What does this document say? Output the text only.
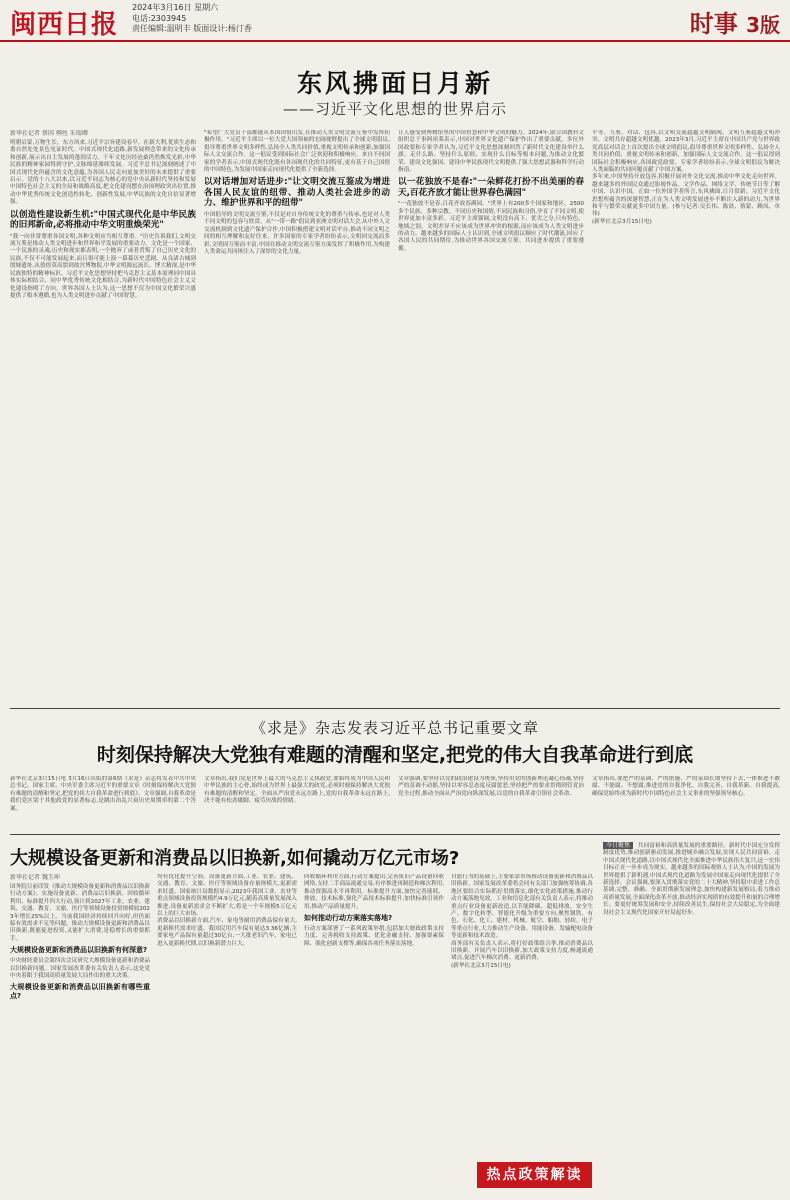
闽西日报
2024年3月16日 星期六
电话:2303945
责任编辑:温明丰 版面设计:杨汀香	时事 3版
东风拂面日月新
——习近平文化思想的世界启示
新华社记者 蔡国 柳丝 朱瑞卿

明朝启蒙,万物生长。东方风来,习近平宗旨建设春早。在新大利,优质生态和谐自然处处景色见证时代。中国式现代化道路,新发展理念带来的文化传承和创新,展示出自主发展的蓬勃活力。千年文化历经沧桑仍然焕发光彩,中华民族的精神家园得到守护,文脉绵延赓续发展。习近平总书记深刻阐述了中国式现代化所蕴含的文化意蕴,为各国人民走向更加美好的未来提供了重要启示。党的十八大以来,以习近平同志为核心的党中央从新时代坚持和发展中国特色社会主义的全局和战略高度,把文化建设摆在治国理政突出位置,推动中华优秀传统文化创造性转化、创新性发展,中华民族的文化自信显著增强。

以创造性建设新生机:"中国式现代化是中华民族的旧邦新命,必将推动中华文明重焕荣光"

"我一向非常尊重各国文明,各种文明应当相互尊重。"历史告诉我们,文明交流互鉴是推动人类文明进步和世界和平发展的重要动力。文化是一个国家、一个民族的灵魂,历史和现实都表明,一个抛弃了或者背叛了自己历史文化的民族,不仅不可能发展起来,而且很可能上演一幕幕历史悲剧。从良渚古城到殷墟遗址,从敦煌莫高窟到故宫博物院,中华文明源远流长、博大精深,是中华民族独特的精神标识。习近平文化思想坚持把马克思主义基本原理同中国具体实际相结合、同中华优秀传统文化相结合,为新时代中国特色社会主义文化建设指明了方向。世界各国人士认为,这一思想不仅为中国文化繁荣兴盛提供了根本遵循,也为人类文明进步贡献了中国智慧。

"希望广大党员干部都能从本国国情出发,在推动人类文明交流互鉴中发挥积极作用。"习近平主席以一位大党大国领袖的宏阔视野提出了全球文明倡议,倡导尊重世界文明多样性,弘扬全人类共同价值,重视文明传承和创新,加强国际人文交流合作。这一倡议受到国际社会广泛欢迎和积极响应。来自不同国家的学者表示,中国式现代化既有各国现代化的共同特征,更有基于自己国情的中国特色,为发展中国家走向现代化提供了全新选择。

以对话增加对话进步:"让文明交流互鉴成为增进各国人民友谊的纽带、推动人类社会进步的动力、维护世界和平的纽带"

中国倡导的文明交流互鉴,不仅是对自身传统文化的尊重与传承,也是对人类不同文明的包容与欣赏。从"一带一路"倡议到亚洲文明对话大会,从中外人文交流机制到文化遗产保护合作,中国积极搭建文明对话平台,推动不同文明之间的相互理解和友好往来。许多国家的专家学者纷纷表示,文明因交流而多彩,文明因互鉴而丰富,中国在推动文明交流互鉴方面发挥了积极作用,为构建人类命运共同体注入了深厚的文化力量。

让人感受到博物馆里的中国智慧和中华文明的魅力。2024年,联合国教科文组织总干事阿祖莱表示,中国对世界文化遗产保护作出了重要贡献。多位外国政要和专家学者认为,习近平文化思想深刻回答了新时代文化建设举什么旗、走什么路、坚持什么原则、实现什么目标等根本问题,为推动文化繁荣、建设文化强国、建设中华民族现代文明提供了强大思想武器和科学行动指南。

以一花独放不是春:"一朵鲜花打扮不出美丽的春天,百花齐放才能让世界春色满园"

"一花独放不是春,百花齐放春满园。"世界上有200多个国家和地区、2500多个民族、多种宗教。不同历史和国情,不同民族和习俗,孕育了不同文明,使世界更加丰富多彩。习近平主席强调,文明没有高下、优劣之分,只有特色、地域之别。文明差异不应该成为世界冲突的根源,而应该成为人类文明进步的动力。越来越多的国际人士认识到,全球文明倡议顺应了时代潮流,回应了各国人民的共同期待,为推动世界各国交流互鉴、共同进步提供了重要遵循。

平等、互鉴、对话、包容,以文明交流超越文明隔阂、文明互鉴超越文明冲突、文明共存超越文明优越。2023年3月,习近平主席在中国共产党与世界政党高层对话会上首次提出全球文明倡议,倡导尊重世界文明多样性、弘扬全人类共同价值、重视文明传承和创新、加强国际人文交流合作。这一倡议得到国际社会积极响应,各国政党政要、专家学者纷纷表示,全球文明倡议为解决人类面临的共同问题贡献了中国方案。

多年来,中国坚持开放包容,积极开展对外文化交流,推动中华文化走向世界。越来越多的外国民众通过影视作品、文学作品、网络文学、传统节日等了解中国、认识中国。正如一位外国学者所言,东风拂面,日月常新。习近平文化思想所蕴含的深邃智慧,正在为人类文明发展进步不断注入新的动力,为世界和平与繁荣贡献更多中国力量。(参与记者:吴长伟、陈晨、蔡蒙、赖凤、章伟)

(新华社北京3月15日电)

《求是》杂志发表习近平总书记重要文章
时刻保持解决大党独有难题的清醒和坚定,把党的伟大自我革命进行到底

新华社北京3月15日电 3月16日出版的第6期《求是》杂志将发表中共中央总书记、国家主席、中央军委主席习近平的重要文章《时刻保持解决大党独有难题的清醒和坚定,把党的伟大自我革命进行到底》。文章强调,自我革命是我们党区别于其他政党的显著标志,是跳出治乱兴衰历史周期率的第二个答案。

文章指出,我们党是世界上最大的马克思主义执政党,要始终成为中国人民和中华民族的主心骨,始终成为世界上最强大的政党,必须时刻保持解决大党独有难题的清醒和坚定。全面从严治党永远在路上,党的自我革命永远在路上,决不能有松劲歇脚、疲劳厌战的情绪。

文章强调,要坚持以党的政治建设为统领,坚持用党的创新理论凝心铸魂,坚持严的基调不动摇,坚持以零容忍态度反腐惩恶,坚持把严的要求贯彻到管党治党全过程,推动全面从严治党向纵深发展,以党的自我革命引领社会革命。

文章指出,要把严的基调、严的措施、严的氛围长期坚持下去,一体推进不敢腐、不能腐、不想腐,推进党的自我净化、自我完善、自我革新、自我提高,确保党始终成为新时代中国特色社会主义事业的坚强领导核心。

大规模设备更新和消费品以旧换新,如何撬动万亿元市场?
新华社记者 魏玉坤

国务院日前印发《推动大规模设备更新和消费品以旧换新行动方案》。实施设备更新、消费品以旧换新、回收循环利用、标准提升四大行动,预计到2027年工业、农业、建筑、交通、教育、文旅、医疗等领域设备投资规模较2023年增长25%以上。当前我国经济持续回升向好,但仍面临有效需求不足等问题。推动大规模设备更新和消费品以旧换新,既能促进投资,又能扩大消费,是稳增长的重要抓手。

大规模设备更新和消费品以旧换新有何深意?

中央财经委员会第四次会议研究大规模设备更新和消费品以旧换新问题。国家发展改革委有关负责人表示,这是党中央着眼于我国高质量发展大局作出的重大决策。

大规模设备更新和消费品以旧换新有哪些重点?

均有优化提升空间。设备更新方面,工业、农业、建筑、交通、教育、文旅、医疗等领域设备存量规模大,更新需求旺盛。国家统计局数据显示,2023年我国工业、农业等重点领域设备投资规模约4.9万亿元,随着高质量发展深入推进,设备更新需求会不断扩大,将是一个年规模5万亿元以上的巨大市场。

消费品以旧换新方面,汽车、家电等耐用消费品保有量大,更新换代需求旺盛。我国民用汽车保有量达3.36亿辆,主要家电产品保有量超过30亿台,一大批老旧汽车、家电已进入更新换代期,以旧换新潜力巨大。

回收循环利用方面,行动方案提出,完善废旧产品设备回收网络,支持二手商品流通交易,有序推进再制造和梯次利用,推动资源高水平再利用。标准提升方面,加快完善能耗、排放、技术标准,强化产品技术标准提升,加快标准引领作用,推动产品质量提升。

如何推动行动方案落实落地?

行动方案部署了一系列政策举措,包括加大财政政策支持力度、完善税收支持政策、优化金融支持、加强要素保障、强化创新支撑等,确保各项任务落实落地。

自愿行为的基础上,主要依靠市场推动设备更新和消费品以旧换新。国家发展改革委将会同有关部门加强统筹协调,各地区要结合实际抓好贯彻落实,细化实化政策措施,推动行动方案落地见效。工业和信息化部有关负责人表示,将推动重点行业设备更新改造,以节能降碳、超低排放、安全生产、数字化转型、智能化升级为重要方向,聚焦钢铁、有色、石化、化工、建材、机械、航空、船舶、轻纺、电子等重点行业,大力推动生产设备、用能设备、发输配电设备等更新和技术改造。

商务部有关负责人表示,将打好政策组合拳,推动消费品以旧换新。开展汽车以旧换新,加大政策支持力度,畅通流通堵点,促进汽车梯次消费、更新消费。

(新华社北京3月15日电)

热点政策解读
今日聚焦 共同富裕和高质量发展的重要路径。新时代中国充分发挥制度优势,推动创新驱动发展,推进城乡融合发展,实现人民共同富裕。走中国式现代化道路,以中国式现代化全面推进中华民族伟大复兴,这一宏伟目标正在一步步成为现实。越来越多的国际观察人士认为,中国的发展为世界提供了新机遇,中国式现代化道路为发展中国家走向现代化提供了全新选择。会议强调,要深入贯彻落实党的二十大精神,坚持稳中求进工作总基调,完整、准确、全面贯彻新发展理念,加快构建新发展格局,着力推动高质量发展,全面深化改革开放,推动经济实现质的有效提升和量的合理增长。要更好统筹发展和安全,持续改善民生,保持社会大局稳定,为全面建设社会主义现代化国家开好局起好步。
